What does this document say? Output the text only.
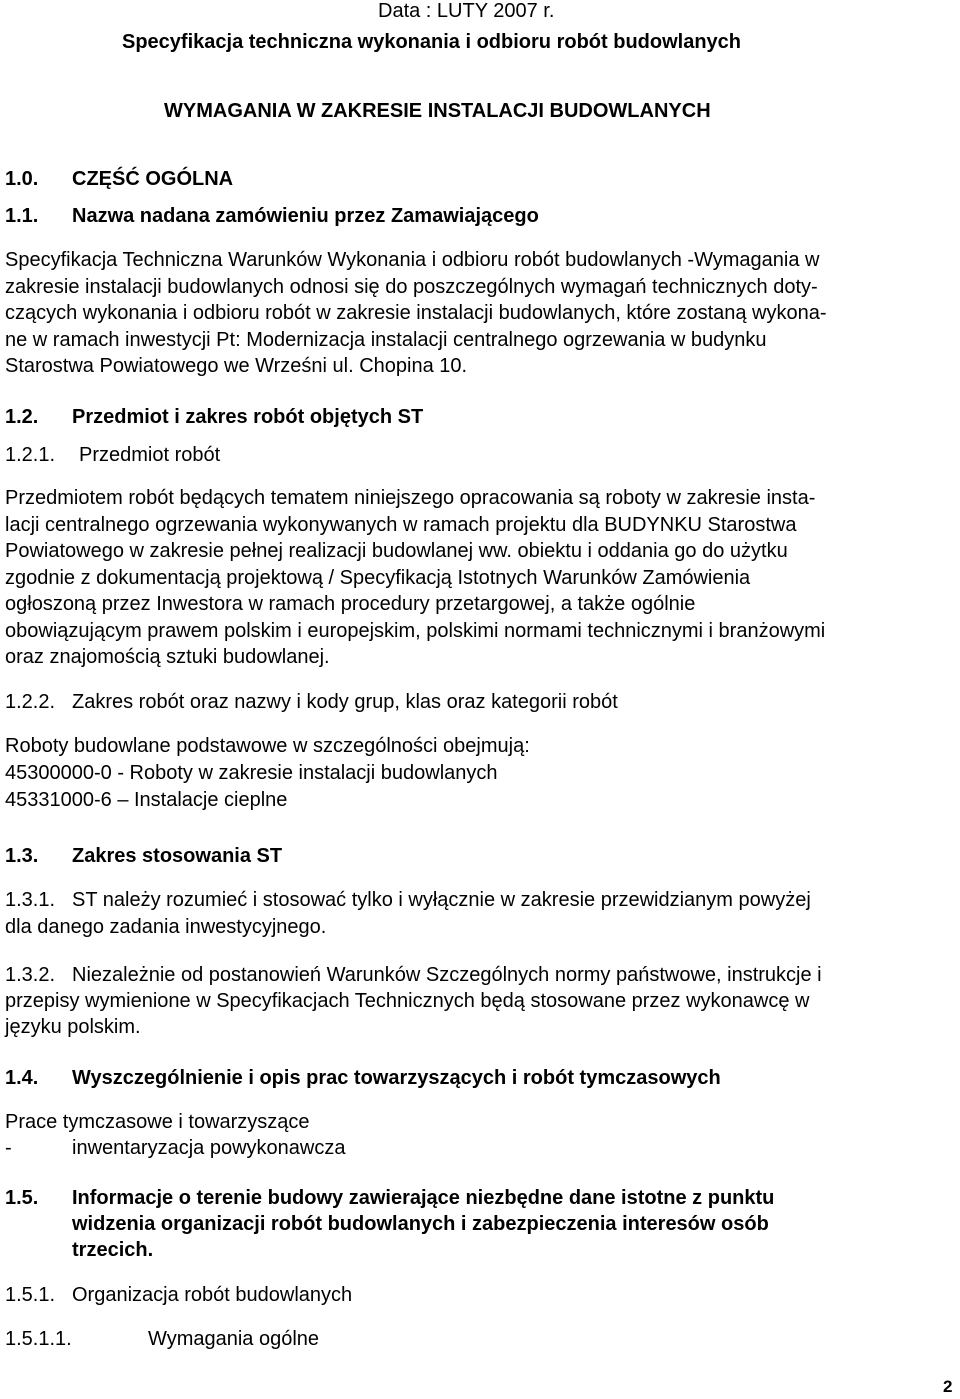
Data : LUTY 2007 r.
Specyfikacja techniczna wykonania i odbioru robót budowlanych
WYMAGANIA W ZAKRESIE INSTALACJI BUDOWLANYCH
1.0. CZĘŚĆ OGÓLNA
1.1. Nazwa nadana zamówieniu przez Zamawiającego
Specyfikacja Techniczna Warunków Wykonania i odbioru robót budowlanych -Wymagania w
zakresie instalacji budowlanych odnosi się do poszczególnych wymagań technicznych doty-
czących wykonania i odbioru robót w zakresie instalacji budowlanych, które zostaną wykona-
ne w ramach inwestycji Pt: Modernizacja instalacji centralnego ogrzewania w budynku
Starostwa Powiatowego we Wrześni ul. Chopina 10.
1.2. Przedmiot i zakres robót objętych ST
1.2.1. Przedmiot robót
Przedmiotem robót będących tematem niniejszego opracowania są roboty w zakresie insta-
lacji centralnego ogrzewania wykonywanych w ramach projektu dla BUDYNKU Starostwa
Powiatowego w zakresie pełnej realizacji budowlanej ww. obiektu i oddania go do użytku
zgodnie z dokumentacją projektową / Specyfikacją Istotnych Warunków Zamówienia
ogłoszoną przez Inwestora w ramach procedury przetargowej, a także ogólnie
obowiązującym prawem polskim i europejskim, polskimi normami technicznymi i branżowymi
oraz znajomością sztuki budowlanej.
1.2.2. Zakres robót oraz nazwy i kody grup, klas oraz kategorii robót
Roboty budowlane podstawowe w szczególności obejmują:
45300000-0 - Roboty w zakresie instalacji budowlanych
45331000-6 – Instalacje cieplne
1.3. Zakres stosowania ST
1.3.1. ST należy rozumieć i stosować tylko i wyłącznie w zakresie przewidzianym powyżej
dla danego zadania inwestycyjnego.
1.3.2. Niezależnie od postanowień Warunków Szczególnych normy państwowe, instrukcje i
przepisy wymienione w Specyfikacjach Technicznych będą stosowane przez wykonawcę w
języku polskim.
1.4. Wyszczególnienie i opis prac towarzyszących i robót tymczasowych
Prace tymczasowe i towarzyszące
-	inwentaryzacja powykonawcza
1.5. Informacje o terenie budowy zawierające niezbędne dane istotne z punktu
widzenia organizacji robót budowlanych i zabezpieczenia interesów osób
trzecich.
1.5.1. Organizacja robót budowlanych
1.5.1.1.	Wymagania ogólne
2
